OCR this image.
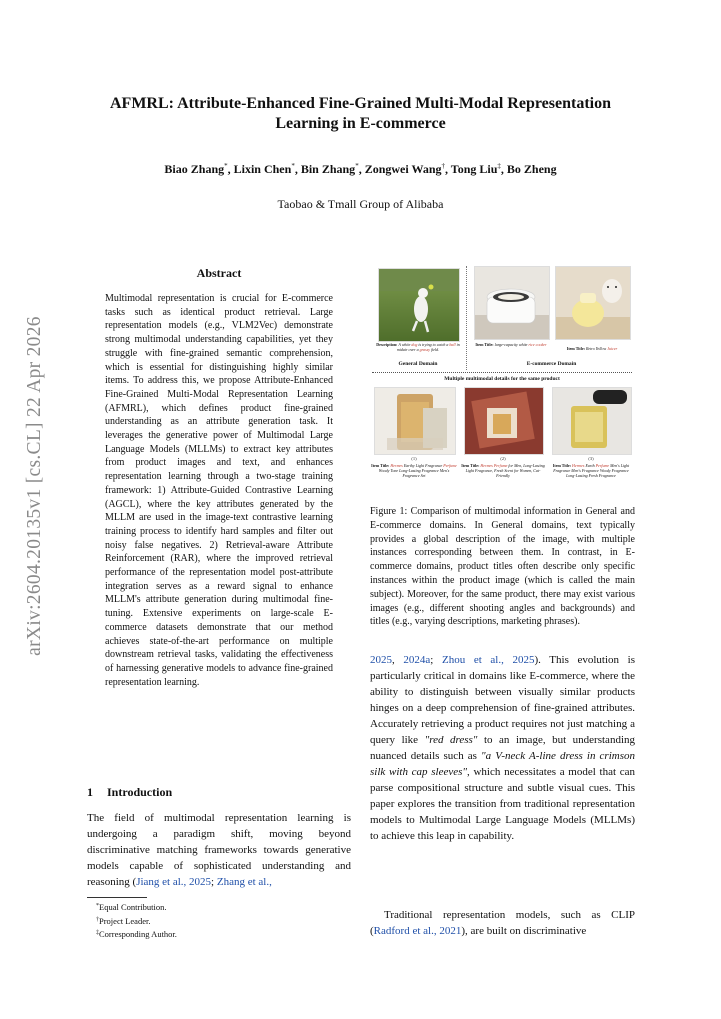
arXiv:2604.20135v1 [cs.CL] 22 Apr 2026
AFMRL: Attribute-Enhanced Fine-Grained Multi-Modal Representation
Learning in E-commerce
Biao Zhang*, Lixin Chen*, Bin Zhang*, Zongwei Wang†, Tong Liu‡, Bo Zheng
Taobao & Tmall Group of Alibaba
Abstract
Multimodal representation is crucial for E-commerce tasks such as identical product retrieval. Large representation models (e.g., VLM2Vec) demonstrate strong multimodal understanding capabilities, yet they struggle with fine-grained semantic comprehension, which is essential for distinguishing highly similar items. To address this, we propose Attribute-Enhanced Fine-Grained Multi-Modal Representation Learning (AFMRL), which defines product fine-grained understanding as an attribute generation task. It leverages the generative power of Multimodal Large Language Models (MLLMs) to extract key attributes from product images and text, and enhances representation learning through a two-stage training framework: 1) Attribute-Guided Contrastive Learning (AGCL), where the key attributes generated by the MLLM are used in the image-text contrastive learning training process to identify hard samples and filter out noisy false negatives. 2) Retrieval-aware Attribute Reinforcement (RAR), where the improved retrieval performance of the representation model post-attribute integration serves as a reward signal to enhance MLLM's attribute generation during multimodal fine-tuning. Extensive experiments on large-scale E-commerce datasets demonstrate that our method achieves state-of-the-art performance on multiple downstream retrieval tasks, validating the effectiveness of harnessing generative models to advance fine-grained representation learning.
1 Introduction
The field of multimodal representation learning is undergoing a paradigm shift, moving beyond discriminative matching frameworks towards generative models capable of sophisticated understanding and reasoning (Jiang et al., 2025; Zhang et al.,
*Equal Contribution.
†Project Leader.
‡Corresponding Author.
Description: A white dog is trying to catch a ball in midair over a grassy field.
General Domain
Item Title: large-capacity white rice cooker
Item Title: Retro Yellow Juicer
E-commerce Domain
Multiple multimodal details for the same product
(1)	(2)	(3)
Item Title: Hermes Earthy Light Fragrance Perfume Woody Tone Long-Lasting Fragrance Men's Fragrance Set
Item Title: Hermes Perfume for Men, Long-Lasting Light Fragrance, Fresh Scent for Women, Cat-Friendly
Item Title: Hermes Earth Perfume Men's Light Fragrance Men's Fragrance Woody Fragrance Long-Lasting Fresh Fragrance
Figure 1: Comparison of multimodal information in General and E-commerce domains. In General domains, text typically provides a global description of the image, with multiple instances corresponding between them. In contrast, in E-commerce domains, product titles often describe only specific instances within the product image (which is called the main subject). Moreover, for the same product, there may exist various images (e.g., different shooting angles and backgrounds) and titles (e.g., varying descriptions, marketing phrases).
2025, 2024a; Zhou et al., 2025). This evolution is particularly critical in domains like E-commerce, where the ability to distinguish between visually similar products hinges on a deep comprehension of fine-grained attributes. Accurately retrieving a product requires not just matching a query like "red dress" to an image, but understanding nuanced details such as "a V-neck A-line dress in crimson silk with cap sleeves", which necessitates a model that can parse compositional structure and subtle visual cues. This paper explores the transition from traditional representation models to Multimodal Large Language Models (MLLMs) to achieve this leap in capability.
Traditional representation models, such as CLIP (Radford et al., 2021), are built on discriminative
